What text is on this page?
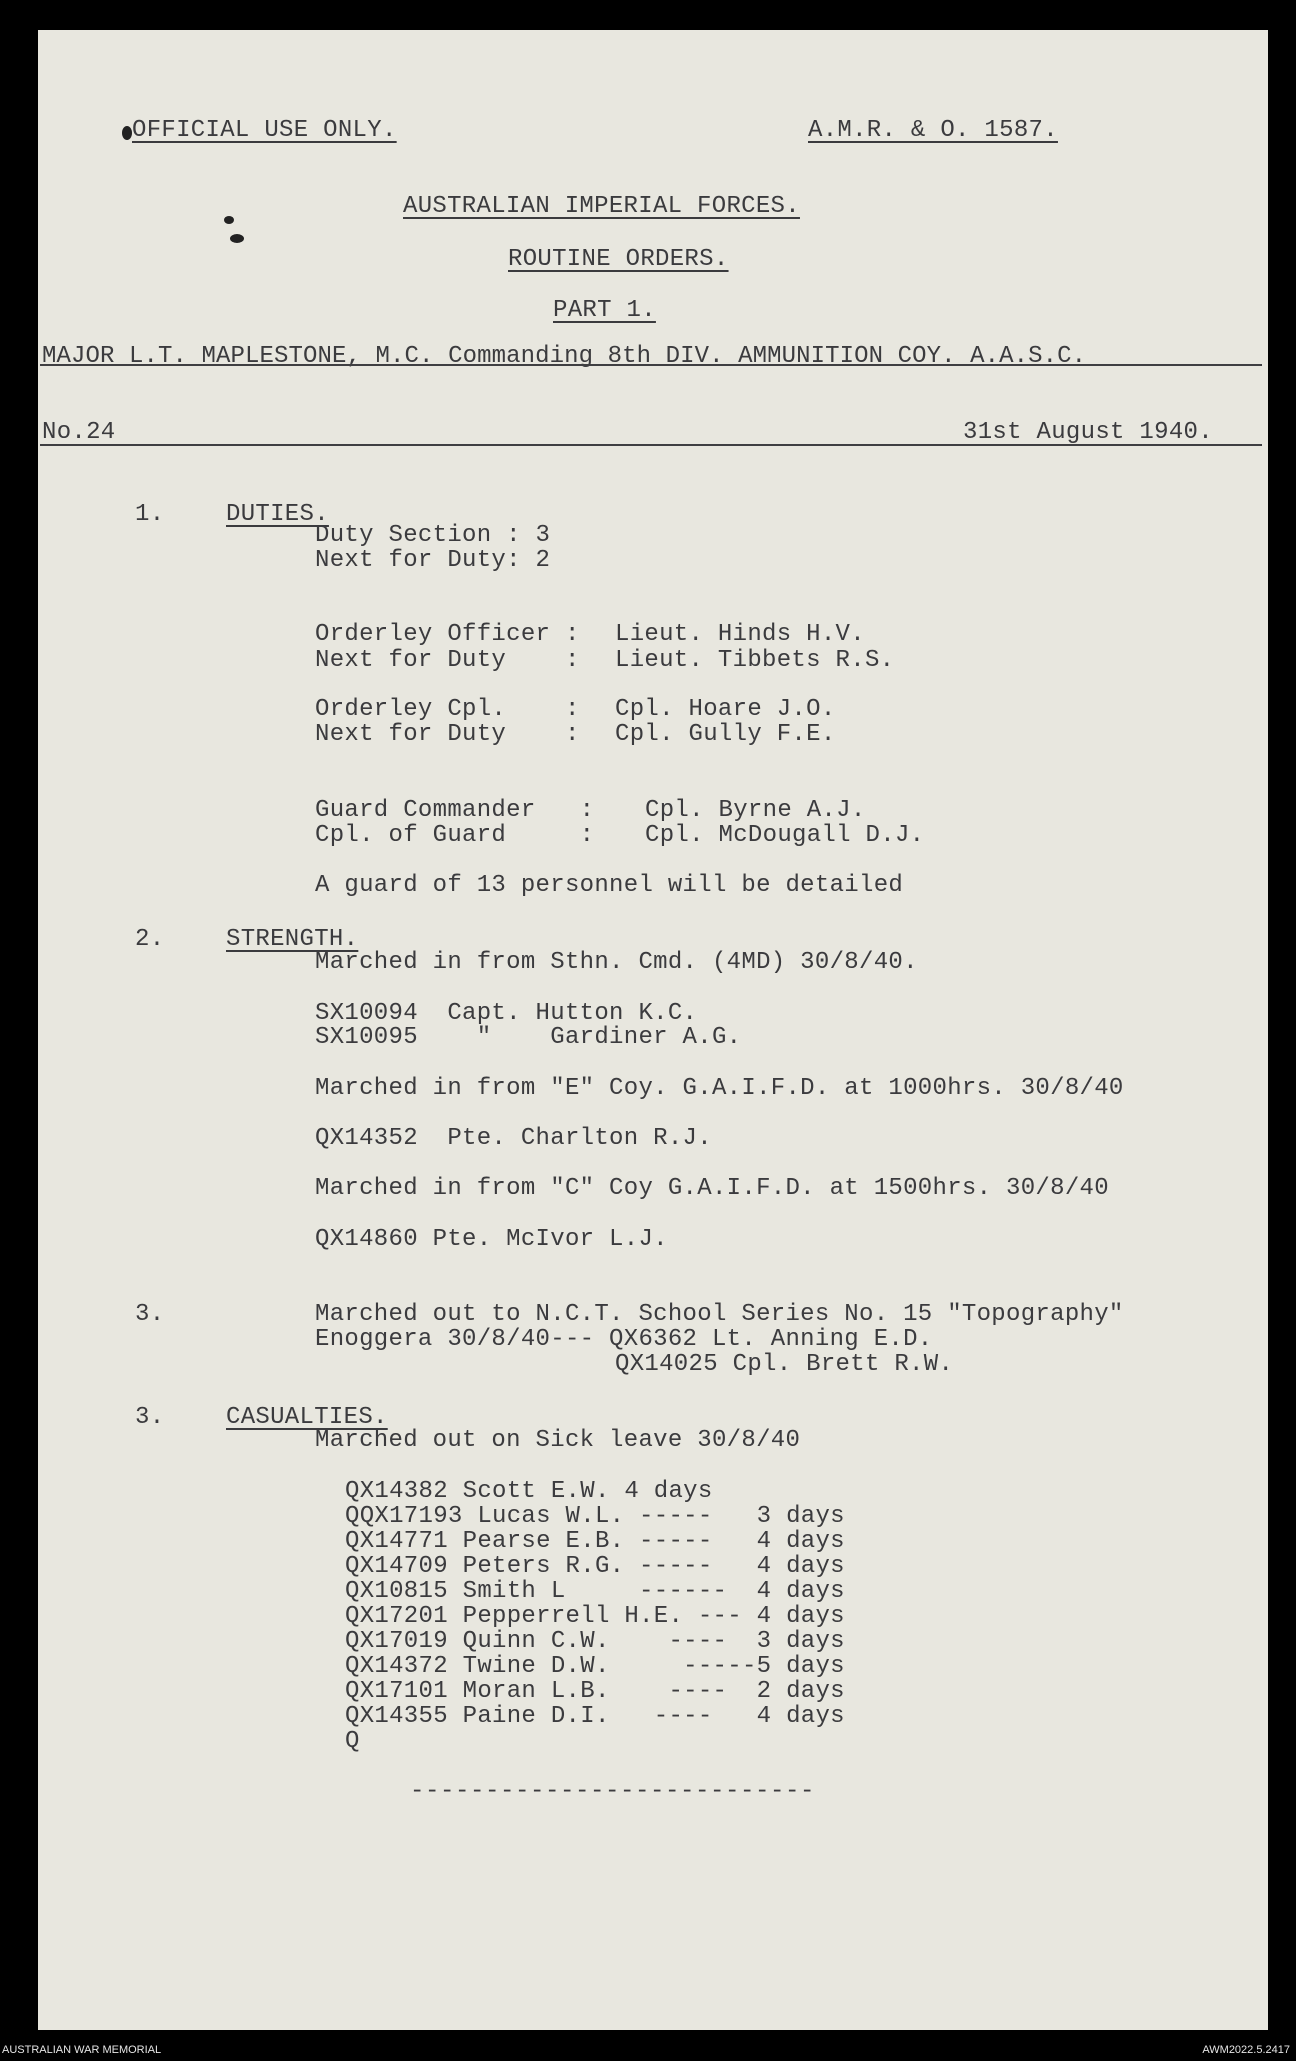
OFFICIAL USE ONLY.	A.M.R. & O. 1587.
AUSTRALIAN IMPERIAL FORCES.
ROUTINE ORDERS.
PART 1.
MAJOR L.T. MAPLESTONE, M.C. Commanding 8th DIV. AMMUNITION COY. A.A.S.C.
No.24	31st August 1940.
1.	DUTIES.
Duty Section : 3
Next for Duty: 2
Orderley Officer : Lieut. Hinds H.V.
Next for Duty    : Lieut. Tibbets R.S.
Orderley Cpl.    : Cpl. Hoare J.O.
Next for Duty    : Cpl. Gully F.E.
Guard Commander   : Cpl. Byrne A.J.
Cpl. of Guard     : Cpl. McDougall D.J.
A guard of 13 personnel will be detailed
2.	STRENGTH.
Marched in from Sthn. Cmd. (4MD) 30/8/40.
SX10094  Capt. Hutton K.C.
SX10095    "    Gardiner A.G.
Marched in from "E" Coy. G.A.I.F.D. at 1000hrs. 30/8/40
QX14352  Pte. Charlton R.J.
Marched in from "C" Coy G.A.I.F.D. at 1500hrs. 30/8/40
QX14860 Pte. McIvor L.J.
3.	Marched out to N.C.T. School Series No. 15 "Topography"
Enoggera 30/8/40--- QX6362 Lt. Anning E.D.
QX14025 Cpl. Brett R.W.
3.	CASUALTIES.
Marched out on Sick leave 30/8/40
QX14382 Scott E.W. 4 days
QQX17193 Lucas W.L. -----   3 days
QX14771 Pearse E.B. -----   4 days
QX14709 Peters R.G. -----   4 days
QX10815 Smith L     ------  4 days
QX17201 Pepperrell H.E. --- 4 days
QX17019 Quinn C.W.    ----  3 days
QX14372 Twine D.W.     -----5 days
QX17101 Moran L.B.    ----  2 days
QX14355 Paine D.I.   ----   4 days
Q
---------------------------
AUSTRALIAN WAR MEMORIAL	AWM2022.5.2417
